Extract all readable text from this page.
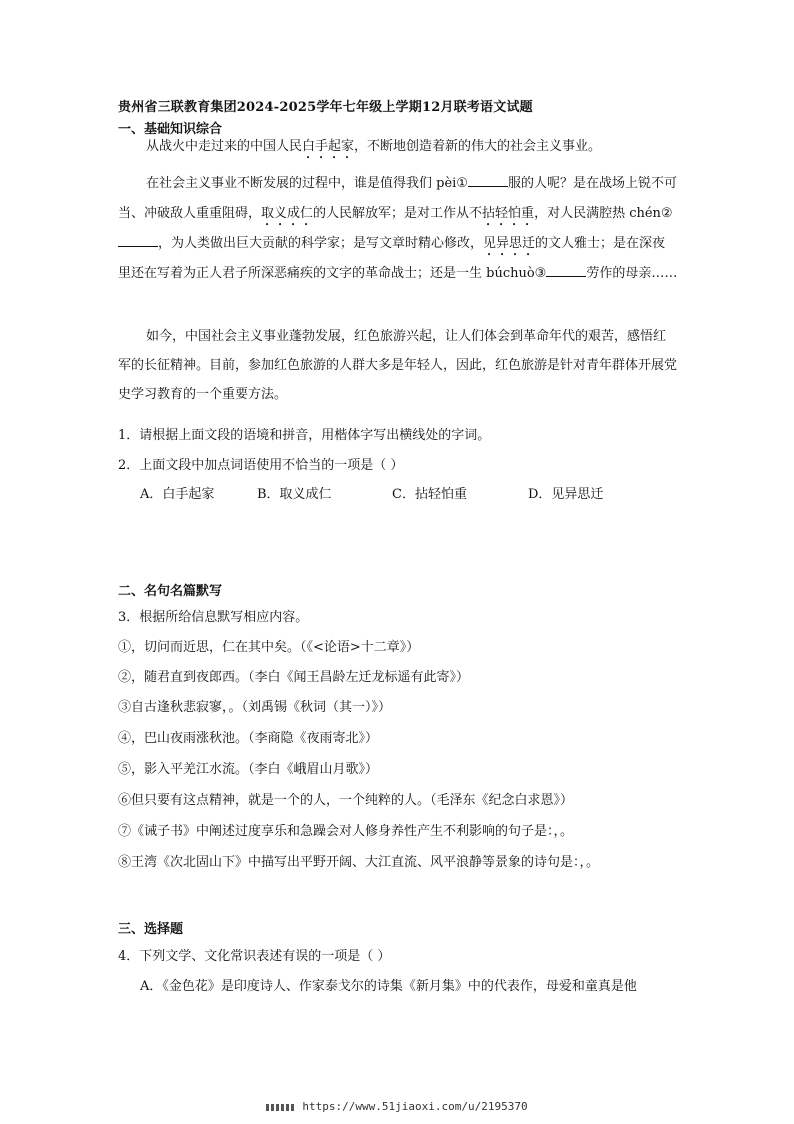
贵州省三联教育集团2024-2025学年七年级上学期12月联考语文试题
一、基础知识综合
从战火中走过来的中国人民白手起家，不断地创造着新的伟大的社会主义事业。
在社会主义事业不断发展的过程中，谁是值得我们 pèi①	服的人呢？是在战场上锐不可当、冲破敌人重重阻碍，取义成仁的人民解放军；是对工作从不拈轻怕重，对人民满腔热 chén②，为人类做出巨大贡献的科学家；是写文章时精心修改，见异思迁的文人雅士；是在深夜里还在写着为正人君子所深恶痛疾的文字的革命战士；还是一生 búchuò③	劳作的母亲……
如今，中国社会主义事业蓬勃发展，红色旅游兴起，让人们体会到革命年代的艰苦，感悟红军的长征精神。目前，参加红色旅游的人群大多是年轻人，因此，红色旅游是针对青年群体开展党史学习教育的一个重要方法。
1．请根据上面文段的语境和拼音，用楷体字写出横线处的字词。
2．上面文段中加点词语使用不恰当的一项是（ ）
A．白手起家	B．取义成仁	C．拈轻怕重	D．见异思迁
二、名句名篇默写
3．根据所给信息默写相应内容。
①，切问而近思，仁在其中矣。（《<论语>十二章》）
②，随君直到夜郎西。（李白《闻王昌龄左迁龙标遥有此寄》）
③自古逢秋悲寂寥，。（刘禹锡《秋词（其一）》）
④，巴山夜雨涨秋池。（李商隐《夜雨寄北》）
⑤，影入平羌江水流。（李白《峨眉山月歌》）
⑥但只要有这点精神，就是一个的人，一个纯粹的人。（毛泽东《纪念白求恩》）
⑦《诫子书》中阐述过度享乐和急躁会对人修身养性产生不利影响的句子是：，。
⑧王湾《次北固山下》中描写出平野开阔、大江直流、风平浪静等景象的诗句是：，。
三、选择题
4．下列文学、文化常识表述有误的一项是（ ）
A．《金色花》是印度诗人、作家泰戈尔的诗集《新月集》中的代表作，母爱和童真是他
https://www.51jiaoxi.com/u/2195370
